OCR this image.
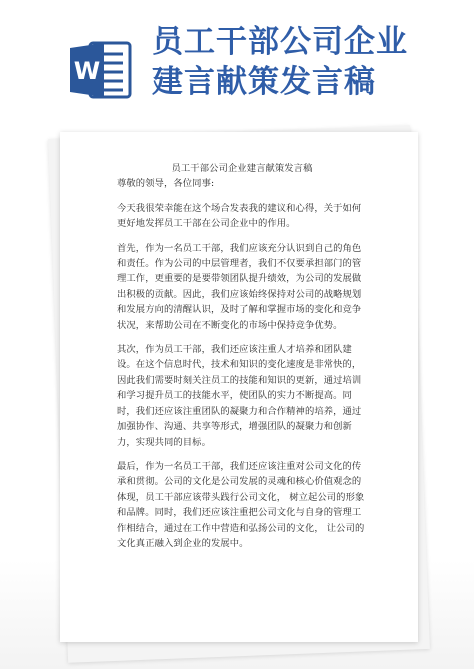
W
员工干部公司企业
建言献策发言稿
员工干部公司企业建言献策发言稿

尊敬的领导，各位同事:

今天我很荣幸能在这个场合发表我的建议和心得，关于如何更好地发挥员工干部在公司企业中的作用。

首先，作为一名员工干部，我们应该充分认识到自己的角色和责任。作为公司的中层管理者，我们不仅要承担部门的管理工作，更重要的是要带领团队提升绩效，为公司的发展做出积极的贡献。因此，我们应该始终保持对公司的战略规划和发展方向的清醒认识，及时了解和掌握市场的变化和竞争状况，来帮助公司在不断变化的市场中保持竞争优势。

其次，作为员工干部，我们还应该注重人才培养和团队建设。在这个信息时代，技术和知识的变化速度是非常快的，因此我们需要时刻关注员工的技能和知识的更新，通过培训和学习提升员工的技能水平，使团队的实力不断提高。同时，我们还应该注重团队的凝聚力和合作精神的培养，通过加强协作、沟通、共享等形式，增强团队的凝聚力和创新力，实现共同的目标。

最后，作为一名员工干部，我们还应该注重对公司文化的传承和贯彻。公司的文化是公司发展的灵魂和核心价值观念的体现，员工干部应该带头践行公司文化， 树立起公司的形象和品牌。同时，我们还应该注重把公司文化与自身的管理工作相结合，通过在工作中营造和弘扬公司的文化， 让公司的文化真正融入到企业的发展中。
